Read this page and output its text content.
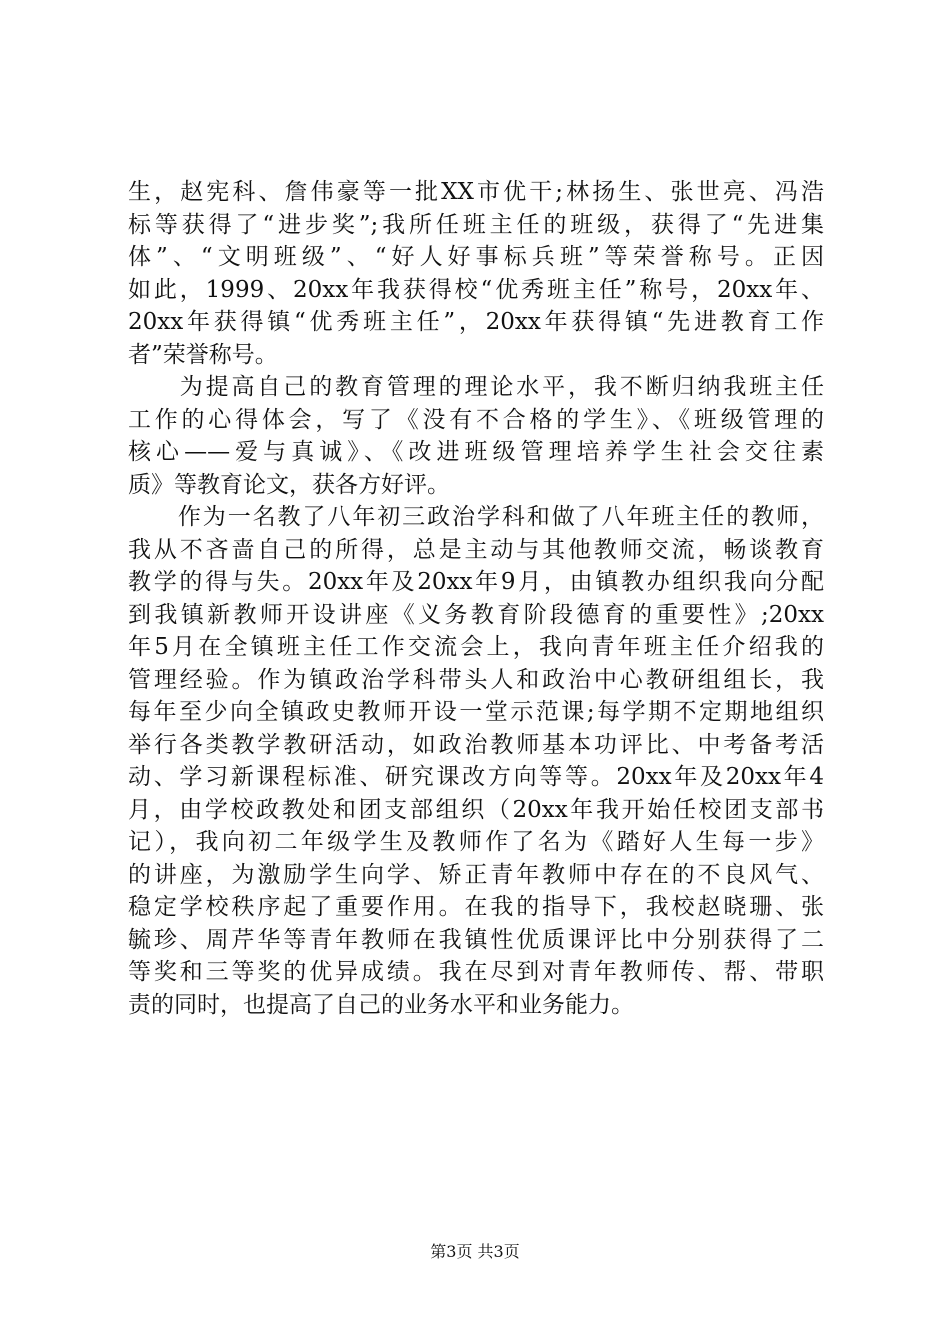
生，赵宪科、詹伟豪等一批XX市优干;林扬生、张世亮、冯浩
标等获得了“进步奖”;我所任班主任的班级，获得了“先进集
体”、“文明班级”、“好人好事标兵班”等荣誉称号。正因
如此，1999、20xx年我获得校“优秀班主任”称号，20xx年、
20xx年获得镇“优秀班主任”，20xx年获得镇“先进教育工作
者”荣誉称号。
　　为提高自己的教育管理的理论水平，我不断归纳我班主任
工作的心得体会，写了《没有不合格的学生》、《班级管理的
核心——爱与真诚》、《改进班级管理培养学生社会交往素
质》等教育论文，获各方好评。
　　作为一名教了八年初三政治学科和做了八年班主任的教师，
我从不吝啬自己的所得，总是主动与其他教师交流，畅谈教育
教学的得与失。20xx年及20xx年9月，由镇教办组织我向分配
到我镇新教师开设讲座《义务教育阶段德育的重要性》;20xx
年5月在全镇班主任工作交流会上，我向青年班主任介绍我的
管理经验。作为镇政治学科带头人和政治中心教研组组长，我
每年至少向全镇政史教师开设一堂示范课;每学期不定期地组织
举行各类教学教研活动，如政治教师基本功评比、中考备考活
动、学习新课程标准、研究课改方向等等。20xx年及20xx年4
月，由学校政教处和团支部组织（20xx年我开始任校团支部书
记），我向初二年级学生及教师作了名为《踏好人生每一步》
的讲座，为激励学生向学、矫正青年教师中存在的不良风气、
稳定学校秩序起了重要作用。在我的指导下，我校赵晓珊、张
毓珍、周芹华等青年教师在我镇性优质课评比中分别获得了二
等奖和三等奖的优异成绩。我在尽到对青年教师传、帮、带职
责的同时，也提高了自己的业务水平和业务能力。
第3页 共3页
